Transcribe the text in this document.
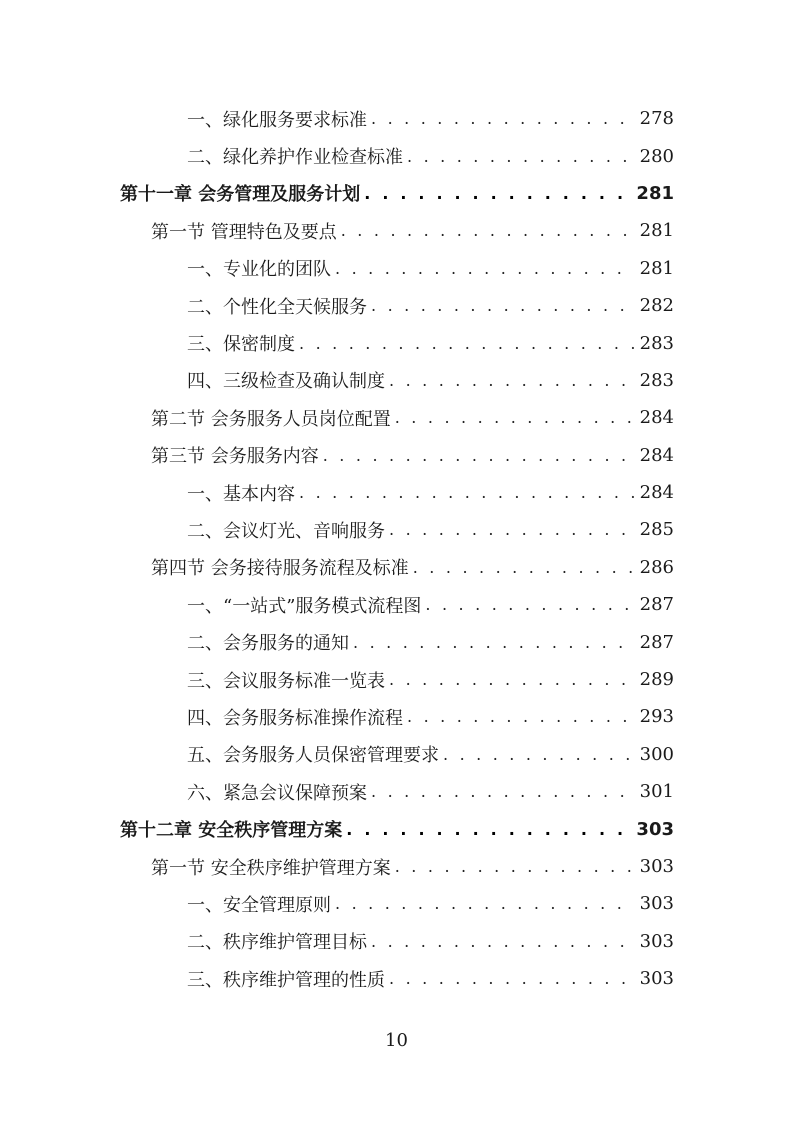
一、绿化服务要求标准 . . .	278
二、绿化养护作业检查标准 . . .	280
第十一章 会务管理及服务计划 . . .	281
第一节 管理特色及要点 . . .	281
一、专业化的团队 . . .	281
二、个性化全天候服务 . . .	282
三、保密制度 . . .	283
四、三级检查及确认制度 . . .	283
第二节 会务服务人员岗位配置 . . .	284
第三节 会务服务内容 . . .	284
一、基本内容 . . .	284
二、会议灯光、音响服务 . . .	285
第四节 会务接待服务流程及标准 . . .	286
一、“一站式”服务模式流程图 . . .	287
二、会务服务的通知 . . .	287
三、会议服务标准一览表 . . .	289
四、会务服务标准操作流程 . . .	293
五、会务服务人员保密管理要求 . . .	300
六、紧急会议保障预案 . . .	301
第十二章 安全秩序管理方案 . . .	303
第一节 安全秩序维护管理方案 . . .	303
一、安全管理原则 . . .	303
二、秩序维护管理目标 . . .	303
三、秩序维护管理的性质 . . .	303
10
